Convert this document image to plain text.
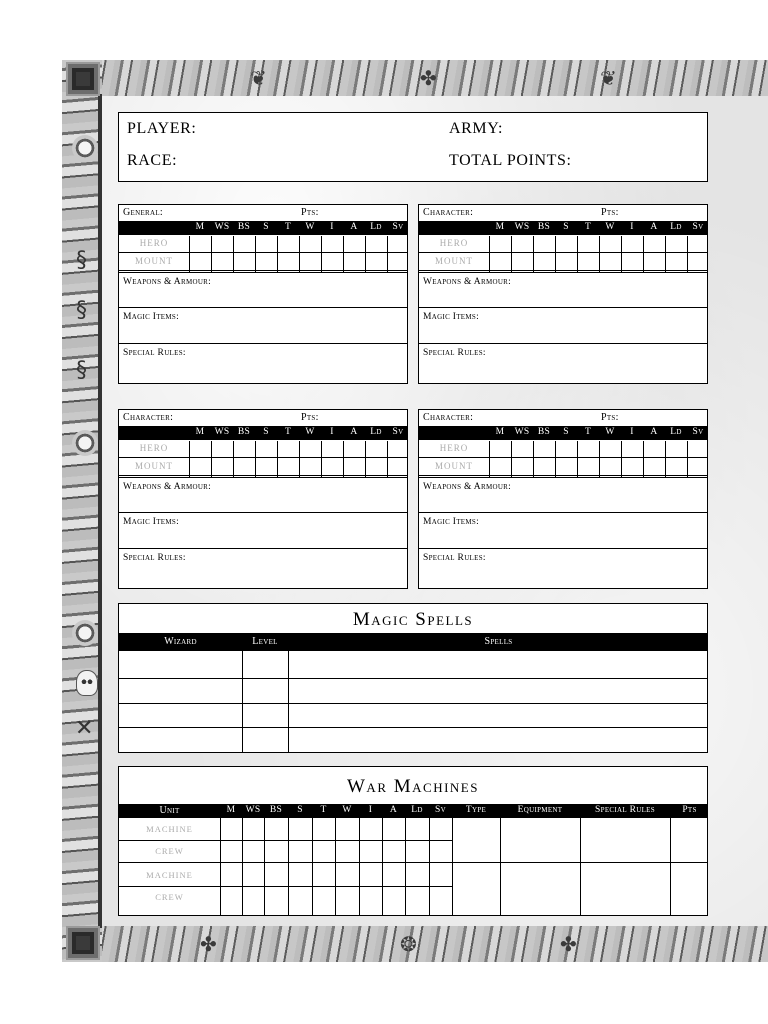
✕
§
§
§
❦	✤	❦
✤	❂	✤
PLAYER:	ARMY:
RACE:	TOTAL POINTS:
General:	Pts:
M	WS BS	S	T	W	I	A	Ld	Sv
HERO
MOUNT
Weapons & Armour:
Magic Items:
Special Rules:
Character:	Pts:
M	WS BS	S	T	W	I	A	Ld	Sv
HERO
MOUNT
Weapons & Armour:
Magic Items:
Special Rules:
Character:	Pts:
M	WS BS	S	T	W	I	A	Ld	Sv
HERO
MOUNT
Weapons & Armour:
Magic Items:
Special Rules:
Character:	Pts:
M	WS BS	S	T	W	I	A	Ld	Sv
HERO
MOUNT
Weapons & Armour:
Magic Items:
Special Rules:
Magic Spells
Wizard	Level	Spells
War Machines
Unit	M	WS BS	S	T	W	I	A	Ld	Sv	Type	Equipment	Special Rules	Pts
MACHINE
CREW
MACHINE
CREW
